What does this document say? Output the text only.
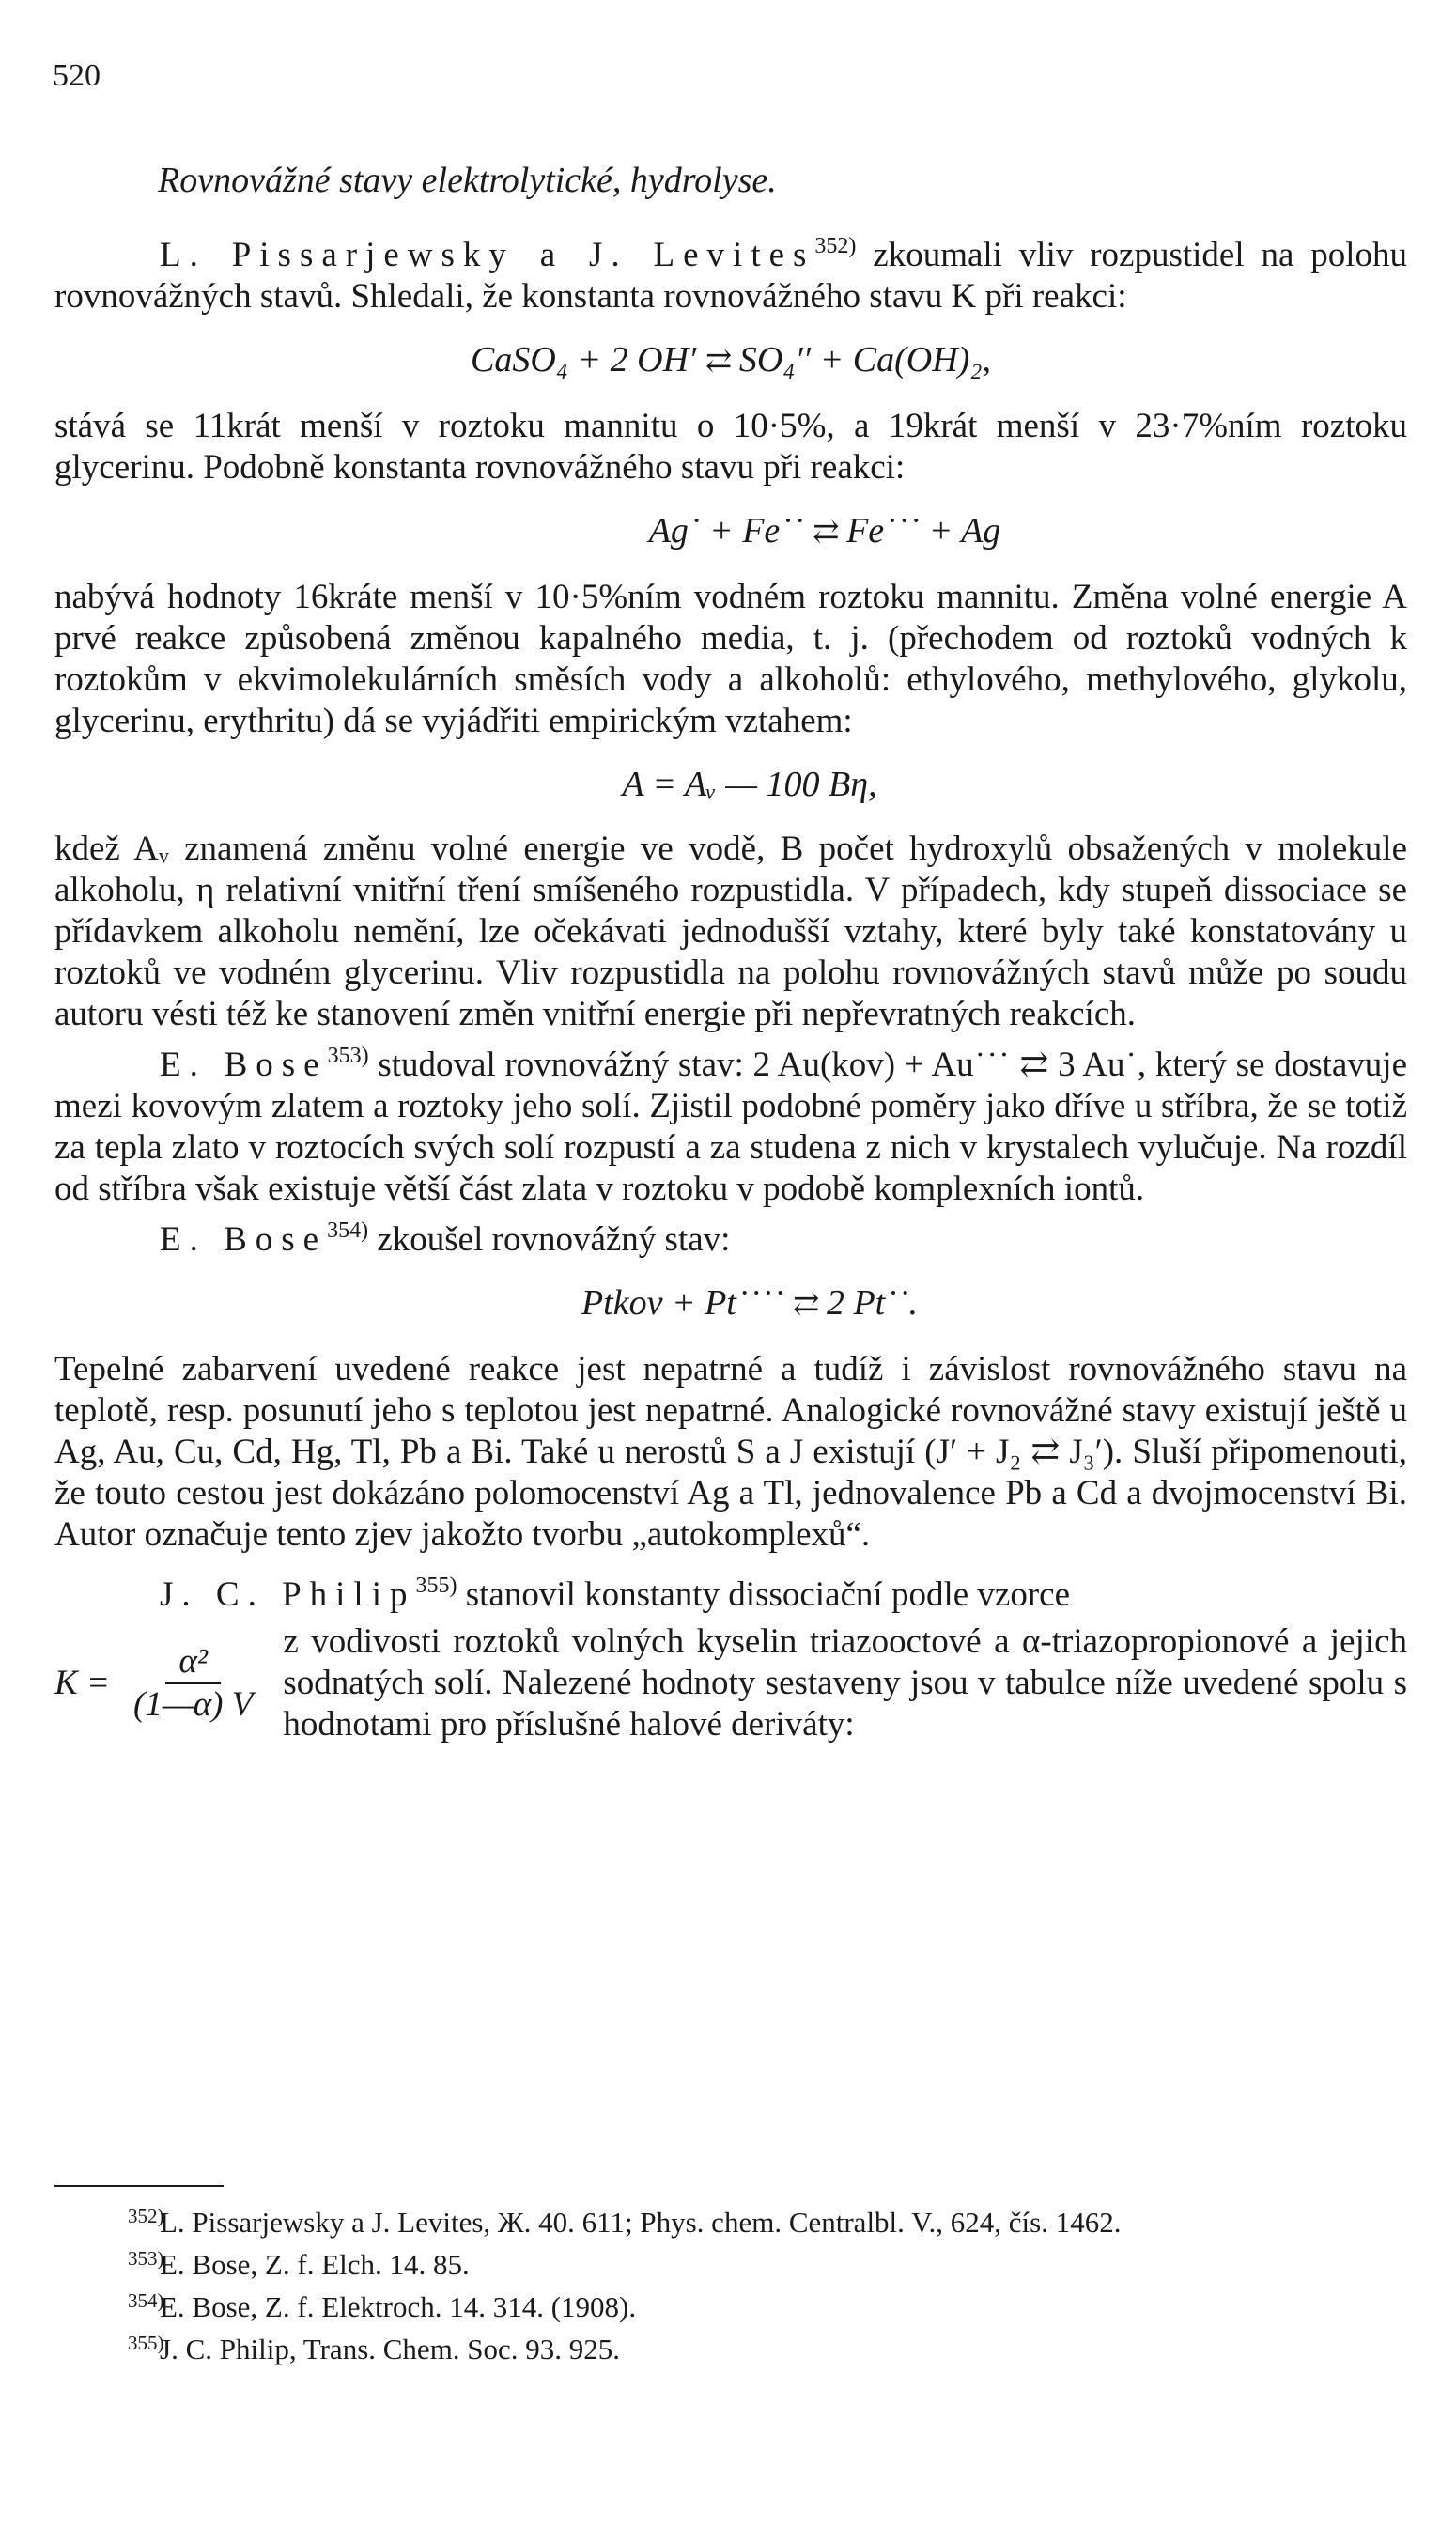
520
Rovnovážné stavy elektrolytické, hydrolyse.

L. Pissarjewsky a J. Levites$^{352)}$ zkoumali vliv rozpustidel na polohu rovnovážných stavů. Shledali, že konstanta rovnovážného stavu K při reakci:

CaSO₄ + 2 OH′ ⇄ SO₄′′ + Ca(OH)₂,

stává se 11krát menší v roztoku mannitu o 10·5%, a 19krát menší v 23·7%ním roztoku glycerinu. Podobně konstanta rovnovážného stavu při reakci:

Ag˙ + Fe˙˙ ⇄ Fe˙˙˙ + Ag

nabývá hodnoty 16kráte menší v 10·5%ním vodném roztoku mannitu. Změna volné energie A prvé reakce způsobená změnou kapalného media, t. j. (přechodem od roztoků vodných k roztokům v ekvimolekulárních směsích vody a alkoholů: ethylového, methylového, glykolu, glycerinu, erythritu) dá se vyjádřiti empirickým vztahem:

A = Aᵥ — 100 Bη,

kdež Aᵥ znamená změnu volné energie ve vodě, B počet hydroxylů obsažených v molekule alkoholu, η relativní vnitřní tření smíšeného rozpustidla. V případech, kdy stupeň dissociace se přídavkem alkoholu nemění, lze očekávati jednodušší vztahy, které byly také konstatovány u roztoků ve vodném glycerinu. Vliv rozpustidla na polohu rovnovážných stavů může po soudu autoru vésti též ke stanovení změn vnitřní energie při nepřevratných reakcích.

E. Bose$^{353)}$ studoval rovnovážný stav: 2 Au(kov) + Au˙˙˙ ⇄ 3 Au˙, který se dostavuje mezi kovovým zlatem a roztoky jeho solí. Zjistil podobné poměry jako dříve u stříbra, že se totiž za tepla zlato v roztocích svých solí rozpustí a za studena z nich v krystalech vylučuje. Na rozdíl od stříbra však existuje větší část zlata v roztoku v podobě komplexních iontů.

E. Bose$^{354)}$ zkoušel rovnovážný stav:

Ptkov + Pt˙˙˙˙ ⇄ 2 Pt˙˙.

Tepelné zabarvení uvedené reakce jest nepatrné a tudíž i závislost rovnovážného stavu na teplotě, resp. posunutí jeho s teplotou jest nepatrné. Analogické rovnovážné stavy existují ještě u Ag, Au, Cu, Cd, Hg, Tl, Pb a Bi. Také u nerostů S a J existují (J′ + J₂ ⇄ J₃′). Sluší připomenouti, že touto cestou jest dokázáno polomocenství Ag a Tl, jednovalence Pb a Cd a dvojmocenství Bi. Autor označuje tento zjev jakožto tvorbu „autokomplexů“.

J. C. Philip$^{355)}$ stanovil konstanty dissociační podle vzorce

$K = \frac{\text{α²}}{(1—\alpha) V}$ z vodivosti roztoků volných kyselin triazooctové a α-triazopropionové a jejich sodnatých solí. Nalezené hodnoty sestaveny jsou v tabulce níže uvedené spolu s hodnotami pro příslušné halové deriváty:

352)L. Pissarjewsky a J. Levites, Ж. 40. 611; Phys. chem. Centralbl. V., 624, čís. 1462.

353)E. Bose, Z. f. Elch. 14. 85.

354)E. Bose, Z. f. Elektroch. 14. 314. (1908).

355)J. C. Philip, Trans. Chem. Soc. 93. 925.
